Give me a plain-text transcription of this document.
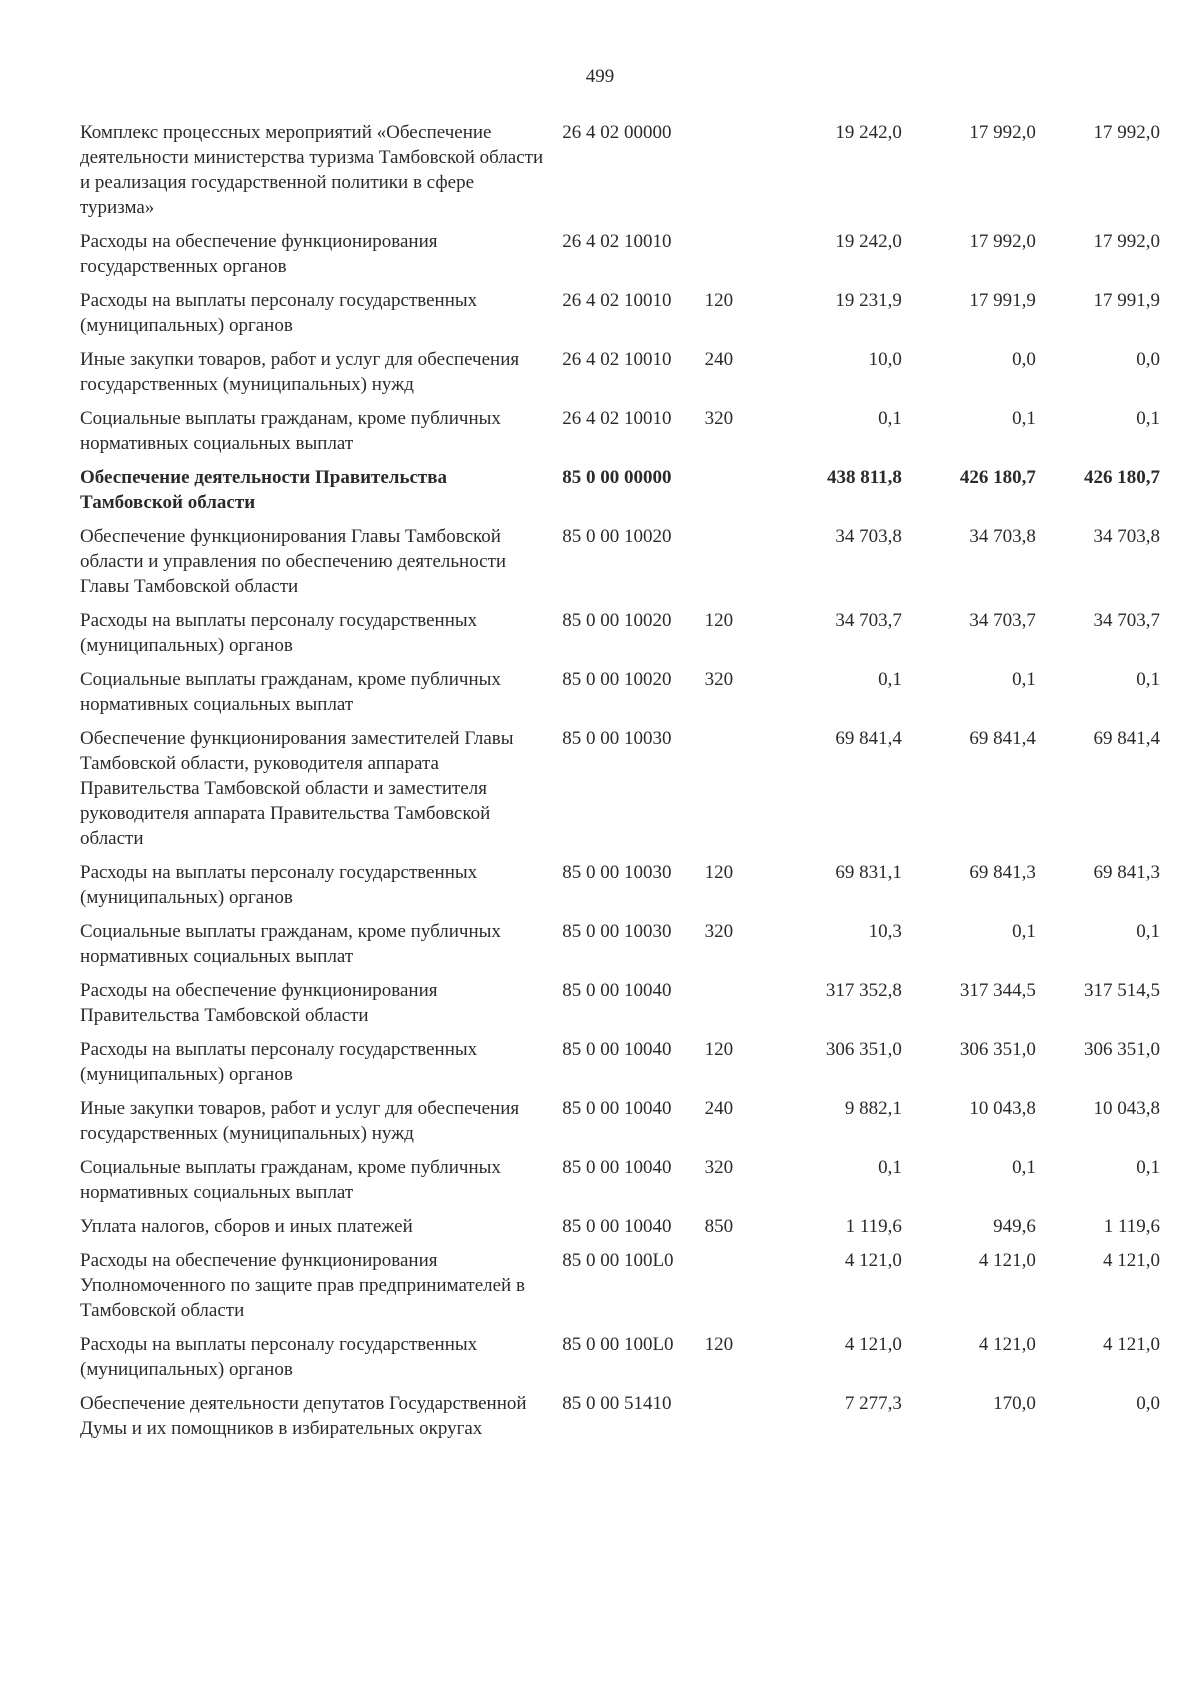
499
Комплекс процессных мероприятий «Обеспечение деятельности министерства туризма Тамбовской области и реализация государственной политики в сфере туризма»	26 4 02 00000		19 242,0	17 992,0	17 992,0
Расходы на обеспечение функционирования государственных органов	26 4 02 10010		19 242,0	17 992,0	17 992,0
Расходы на выплаты персоналу государственных (муниципальных) органов	26 4 02 10010	120	19 231,9	17 991,9	17 991,9
Иные закупки товаров, работ и услуг для обеспечения государственных (муниципальных) нужд	26 4 02 10010	240	10,0	0,0	0,0
Социальные выплаты гражданам, кроме публичных нормативных социальных выплат	26 4 02 10010	320	0,1	0,1	0,1
Обеспечение деятельности Правительства Тамбовской области	85 0 00 00000		438 811,8	426 180,7	426 180,7
Обеспечение функционирования Главы Тамбовской области и управления по обеспечению деятельности Главы Тамбовской области	85 0 00 10020		34 703,8	34 703,8	34 703,8
Расходы на выплаты персоналу государственных (муниципальных) органов	85 0 00 10020	120	34 703,7	34 703,7	34 703,7
Социальные выплаты гражданам, кроме публичных нормативных социальных выплат	85 0 00 10020	320	0,1	0,1	0,1
Обеспечение функционирования заместителей Главы Тамбовской области, руководителя аппарата Правительства Тамбовской области и заместителя руководителя аппарата Правительства Тамбовской области	85 0 00 10030		69 841,4	69 841,4	69 841,4
Расходы на выплаты персоналу государственных (муниципальных) органов	85 0 00 10030	120	69 831,1	69 841,3	69 841,3
Социальные выплаты гражданам, кроме публичных нормативных социальных выплат	85 0 00 10030	320	10,3	0,1	0,1
Расходы на обеспечение функционирования Правительства Тамбовской области	85 0 00 10040		317 352,8	317 344,5	317 514,5
Расходы на выплаты персоналу государственных (муниципальных) органов	85 0 00 10040	120	306 351,0	306 351,0	306 351,0
Иные закупки товаров, работ и услуг для обеспечения государственных (муниципальных) нужд	85 0 00 10040	240	9 882,1	10 043,8	10 043,8
Социальные выплаты гражданам, кроме публичных нормативных социальных выплат	85 0 00 10040	320	0,1	0,1	0,1
Уплата налогов, сборов и иных платежей	85 0 00 10040	850	1 119,6	949,6	1 119,6
Расходы на обеспечение функционирования Уполномоченного по защите прав предпринимателей в Тамбовской области	85 0 00 100L0		4 121,0	4 121,0	4 121,0
Расходы на выплаты персоналу государственных (муниципальных) органов	85 0 00 100L0	120	4 121,0	4 121,0	4 121,0
Обеспечение деятельности депутатов Государственной Думы и их помощников в избирательных округах	85 0 00 51410		7 277,3	170,0	0,0
